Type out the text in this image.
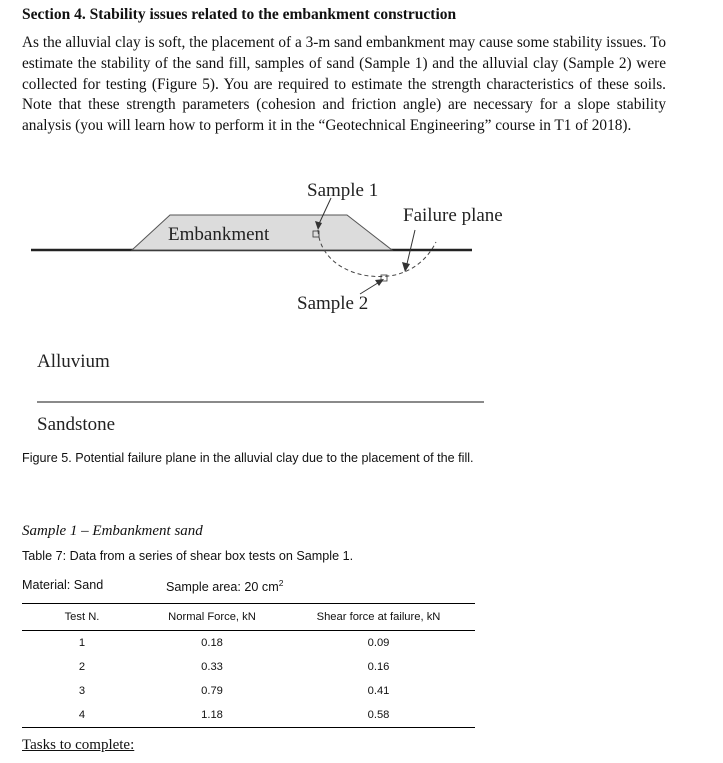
Section 4. Stability issues related to the embankment construction
As the alluvial clay is soft, the placement of a 3-m sand embankment may cause some stability issues. To estimate the stability of the sand fill, samples of sand (Sample 1) and the alluvial clay (Sample 2) were collected for testing (Figure 5). You are required to estimate the strength characteristics of these soils. Note that these strength parameters (cohesion and friction angle) are necessary for a slope stability analysis (you will learn how to perform it in the “Geotechnical Engineering” course in T1 of 2018).
Sample 1
Failure plane
Embankment
Sample 2
Alluvium
Sandstone
Figure 5. Potential failure plane in the alluvial clay due to the placement of the fill.
Sample 1 – Embankment sand
Table 7: Data from a series of shear box tests on Sample 1.
Material: Sand	Sample area: 20 $cm^2$
Test N.	Normal Force, kN	Shear force at failure, kN
1	0.18	0.09
2	0.33	0.16
3	0.79	0.41
4	1.18	0.58
Tasks to complete:
